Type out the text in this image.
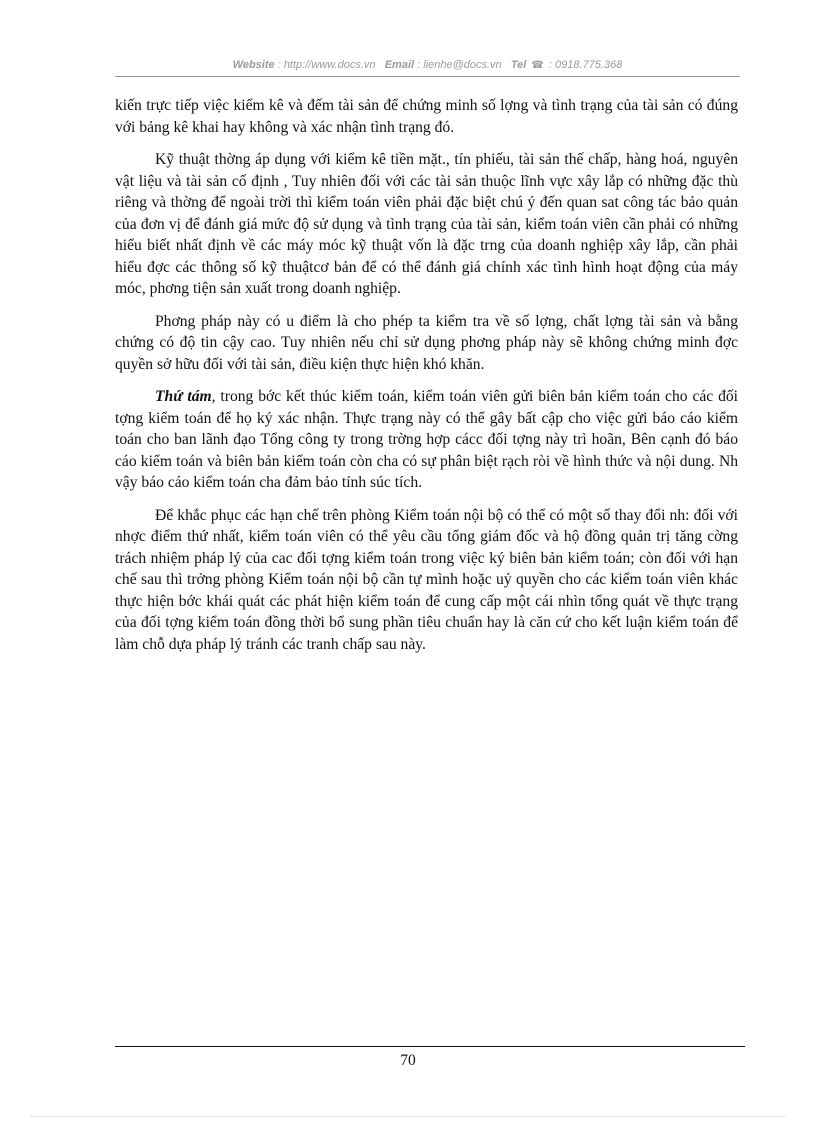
Website : http://www.docs.vn Email : lienhe@docs.vn Tel ☎ : 0918.775.368

kiến trực tiếp việc kiểm kê và đếm tài sản để chứng minh số lợng và tình trạng của tài sản có đúng với bảng kê khai hay không và xác nhận tình trạng đó.

Kỹ thuật thờng áp dụng với kiểm kê tiền mặt., tín phiếu, tài sản thế chấp, hàng hoá, nguyên vật liệu và tài sản cố định , Tuy nhiên đối với các tài sản thuộc lĩnh vực xây lắp có những đặc thù riêng và thờng để ngoài trời thì kiểm toán viên phải đặc biệt chú ý đến quan sat công tác bảo quản của đơn vị để đánh giá mức độ sử dụng và tình trạng của tài sản, kiểm toán viên cần phải có những hiểu biết nhất định về các máy móc kỹ thuật vốn là đặc trng của doanh nghiệp xây lắp, cần phải hiểu đợc các thông số kỹ thuậtcơ bản để có thể đánh giá chính xác tình hình hoạt động của máy móc, phơng tiện sản xuất trong doanh nghiệp.

Phơng pháp này có u điểm là cho phép ta kiểm tra về số lợng, chất lợng tài sản và bằng chứng có độ tin cậy cao. Tuy nhiên nếu chỉ sử dụng phơng pháp này sẽ không chứng minh đợc quyền sở hữu đối với tài sản, điều kiện thực hiện khó khăn.

Thứ tám, trong bớc kết thúc kiểm toán, kiểm toán viên gửi biên bản kiểm toán cho các đối tợng kiểm toán để họ ký xác nhận. Thực trạng này có thể gây bất cập cho việc gửi báo cáo kiểm toán cho ban lãnh đạo Tổng công ty trong trờng hợp cácc đối tợng này trì hoãn, Bên cạnh đó báo cáo kiểm toán và biên bản kiểm toán còn cha có sự phân biệt rạch ròi về hình thức và nội dung. Nh vậy báo cáo kiểm toán cha đảm bảo tính súc tích.

Để khắc phục các hạn chế trên phòng Kiểm toán nội bộ có thể có một số thay đổi nh: đối với nhợc điểm thứ nhất, kiểm toán viên có thể yêu cầu tổng giám đốc và hộ đồng quản trị tăng cờng trách nhiệm pháp lý của cac đối tợng kiểm toán trong việc ký biên bản kiểm toán; còn đối với hạn chế sau thì trởng phòng Kiểm toán nội bộ cần tự mình hoặc uỷ quyền cho các kiểm toán viên khác thực hiện bớc khái quát các phát hiện kiểm toán để cung cấp một cái nhìn tổng quát về thực trạng của đối tợng kiểm toán đồng thời bổ sung phần tiêu chuẩn hay là căn cứ cho kết luận kiểm toán để làm chỗ dựa pháp lý tránh các tranh chấp sau này.

70
